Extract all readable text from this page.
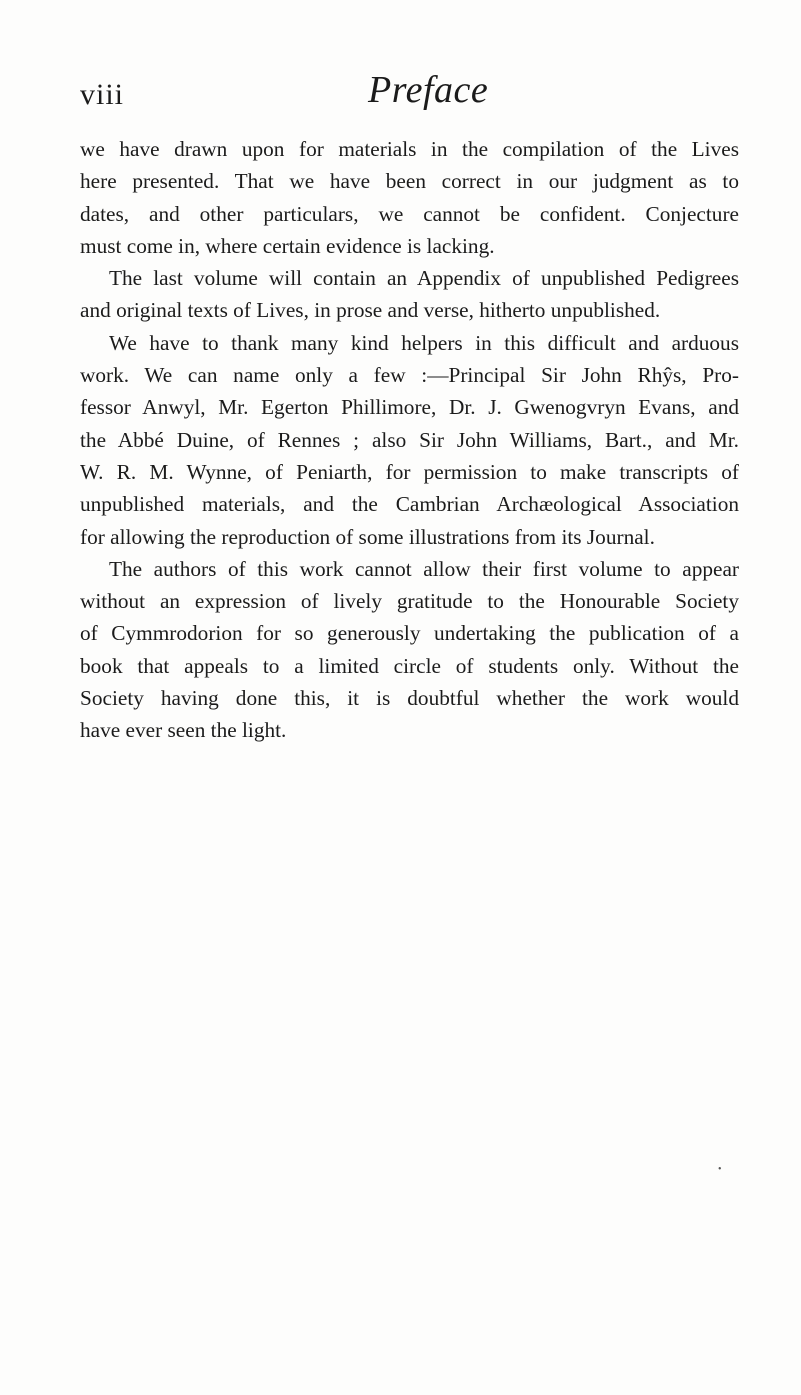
viii	Preface
we have drawn upon for materials in the compilation of the Lives
here presented. That we have been correct in our judgment as to
dates, and other particulars, we cannot be confident. Conjecture
must come in, where certain evidence is lacking.
The last volume will contain an Appendix of unpublished Pedigrees
and original texts of Lives, in prose and verse, hitherto unpublished.
We have to thank many kind helpers in this difficult and arduous
work. We can name only a few :—Principal Sir John Rhŷs, Pro-
fessor Anwyl, Mr. Egerton Phillimore, Dr. J. Gwenogvryn Evans, and
the Abbé Duine, of Rennes ; also Sir John Williams, Bart., and Mr.
W. R. M. Wynne, of Peniarth, for permission to make transcripts of
unpublished materials, and the Cambrian Archæological Association
for allowing the reproduction of some illustrations from its Journal.
The authors of this work cannot allow their first volume to appear
without an expression of lively gratitude to the Honourable Society
of Cymmrodorion for so generously undertaking the publication of a
book that appeals to a limited circle of students only. Without the
Society having done this, it is doubtful whether the work would
have ever seen the light.
•
